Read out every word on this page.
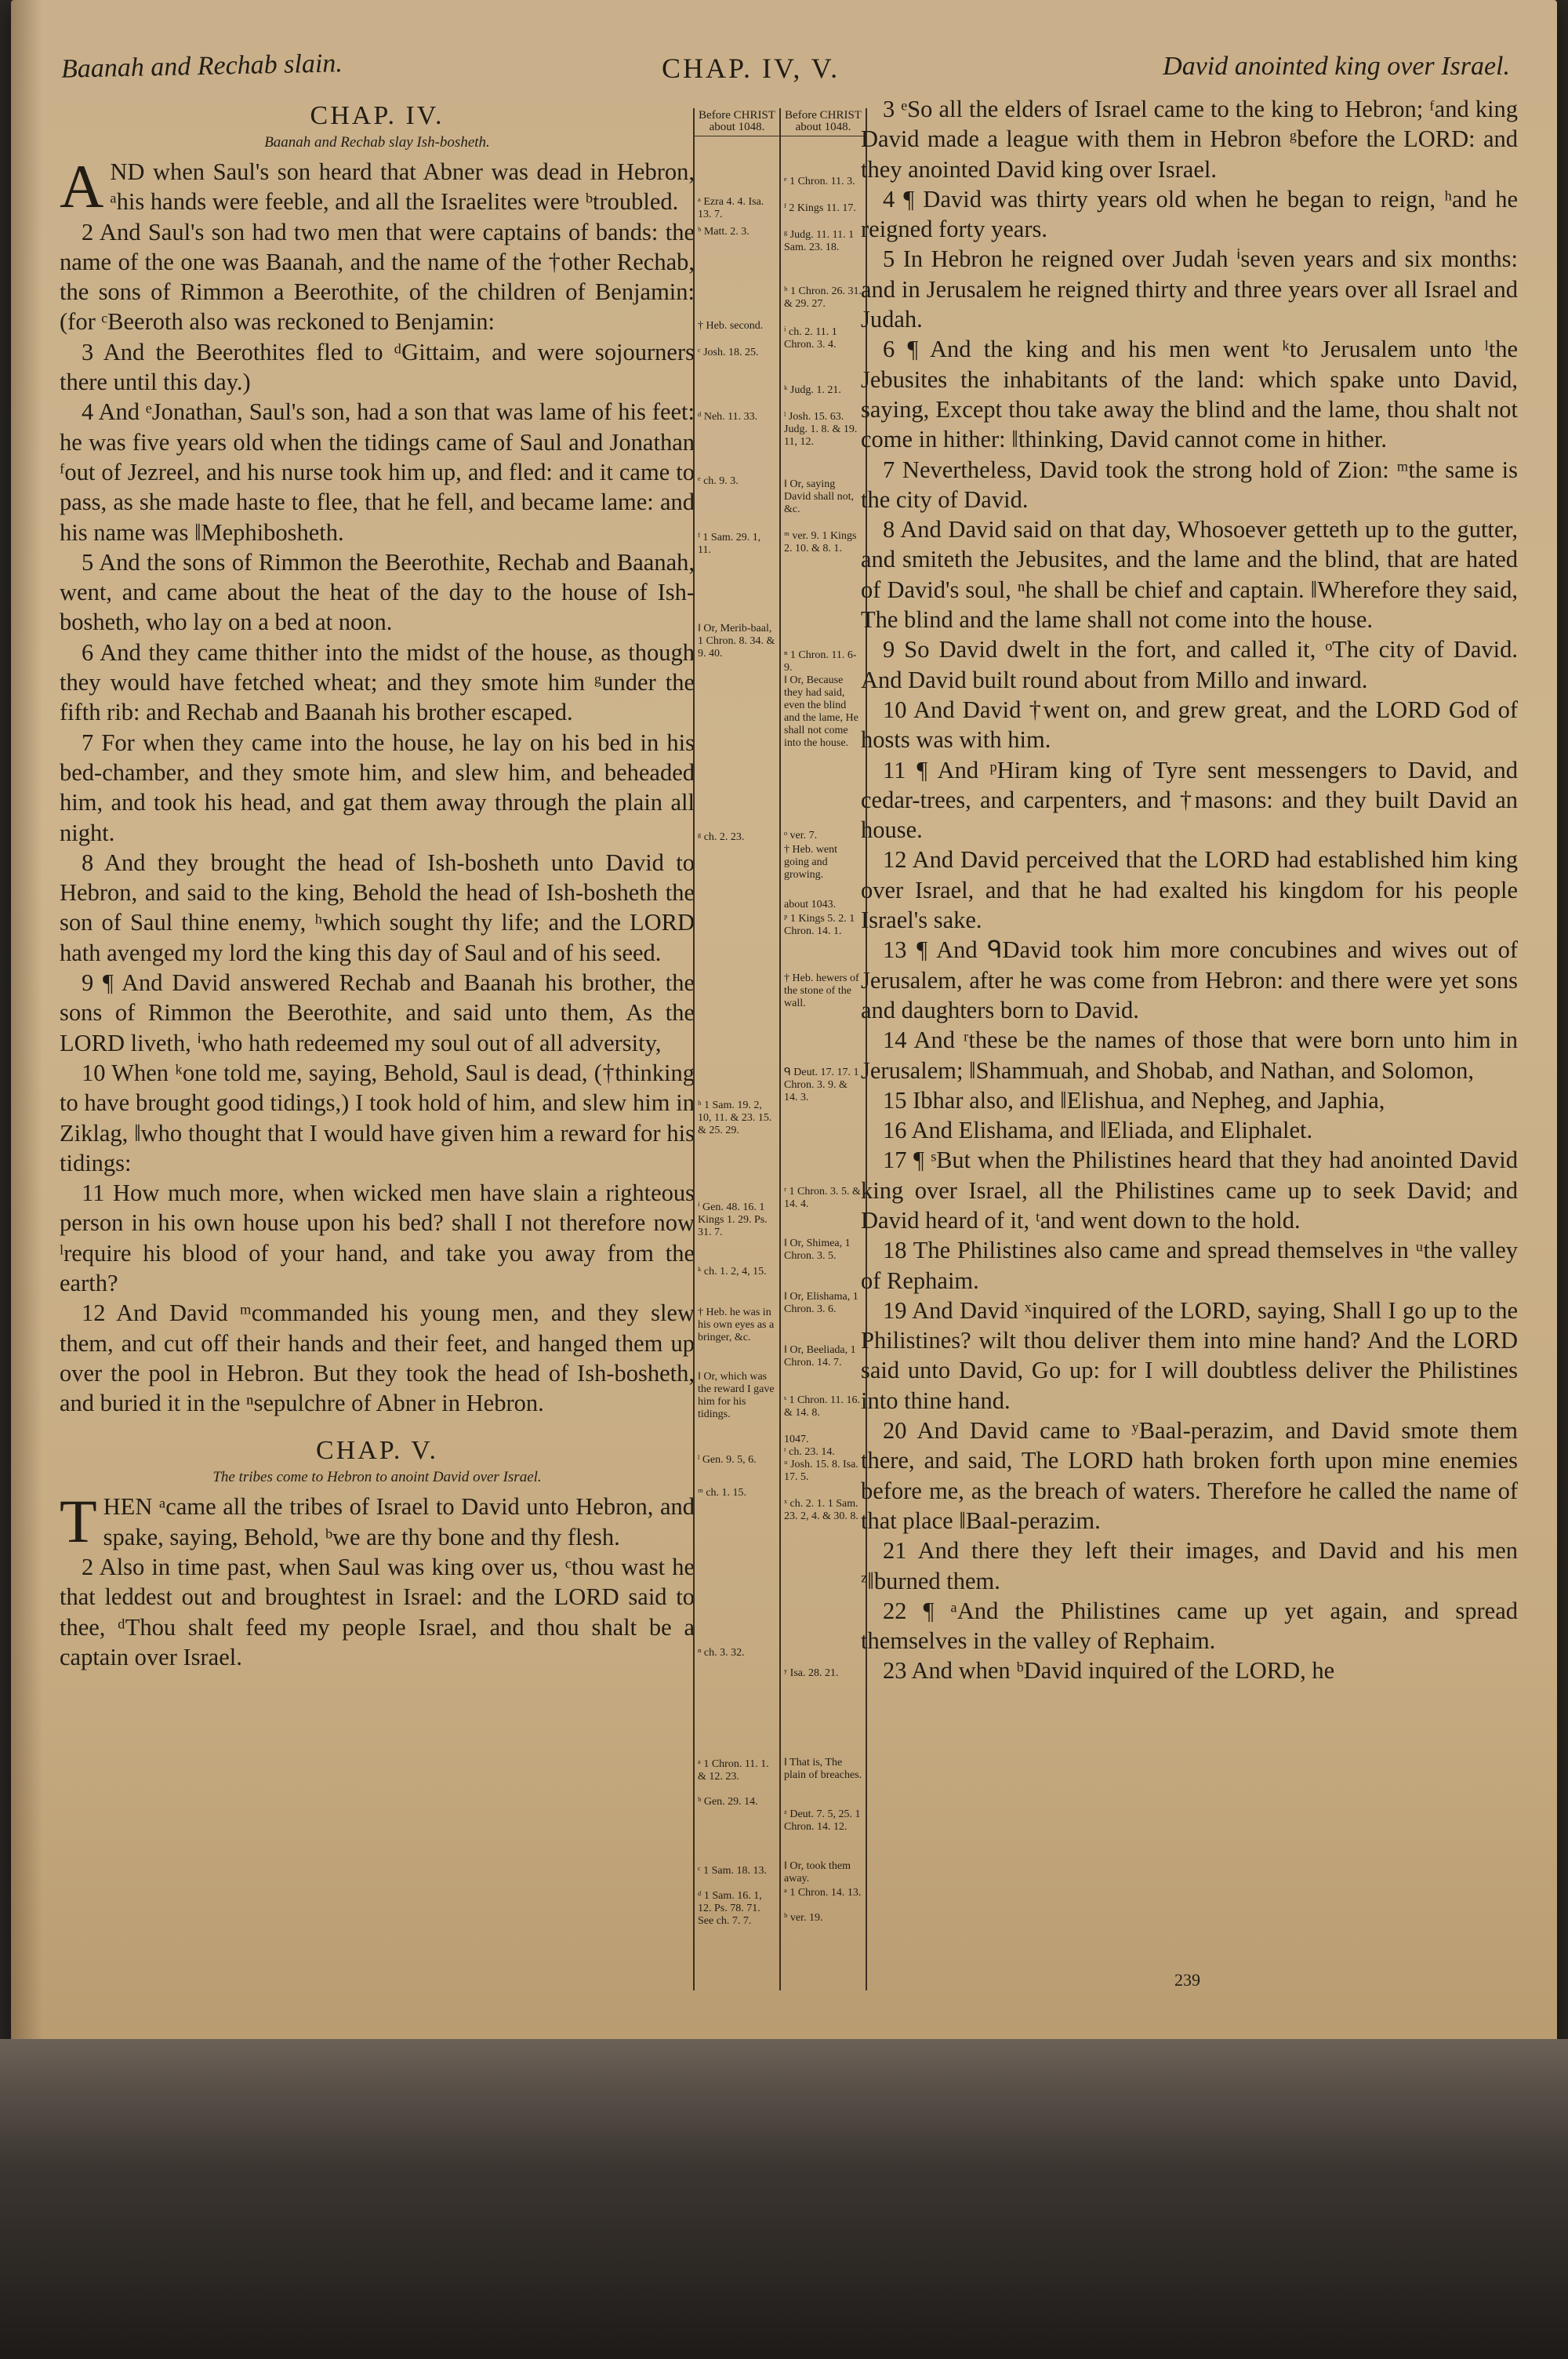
Baanah and Rechab slain.	CHAP. IV, V.	David anointed king over Israel.
CHAP. IV.
Baanah and Rechab slay Ish-bosheth.

AND when Saul's son heard that Abner was dead in Hebron, ᵃhis hands were feeble, and all the Israelites were ᵇtroubled.

2 And Saul's son had two men that were captains of bands: the name of the one was Baanah, and the name of the †other Rechab, the sons of Rimmon a Beerothite, of the children of Benjamin: (for ᶜBeeroth also was reckoned to Benjamin:

3 And the Beerothites fled to ᵈGittaim, and were sojourners there until this day.)

4 And ᵉJonathan, Saul's son, had a son that was lame of his feet: he was five years old when the tidings came of Saul and Jonathan ᶠout of Jezreel, and his nurse took him up, and fled: and it came to pass, as she made haste to flee, that he fell, and became lame: and his name was ‖Mephibosheth.

5 And the sons of Rimmon the Beerothite, Rechab and Baanah, went, and came about the heat of the day to the house of Ish-bosheth, who lay on a bed at noon.

6 And they came thither into the midst of the house, as though they would have fetched wheat; and they smote him ᵍunder the fifth rib: and Rechab and Baanah his brother escaped.

7 For when they came into the house, he lay on his bed in his bed-chamber, and they smote him, and slew him, and beheaded him, and took his head, and gat them away through the plain all night.

8 And they brought the head of Ish-bosheth unto David to Hebron, and said to the king, Behold the head of Ish-bosheth the son of Saul thine enemy, ʰwhich sought thy life; and the LORD hath avenged my lord the king this day of Saul and of his seed.

9 ¶ And David answered Rechab and Baanah his brother, the sons of Rimmon the Beerothite, and said unto them, As the LORD liveth, ⁱwho hath redeemed my soul out of all adversity,

10 When ᵏone told me, saying, Behold, Saul is dead, (†thinking to have brought good tidings,) I took hold of him, and slew him in Ziklag, ‖who thought that I would have given him a reward for his tidings:

11 How much more, when wicked men have slain a righteous person in his own house upon his bed? shall I not therefore now ˡrequire his blood of your hand, and take you away from the earth?

12 And David ᵐcommanded his young men, and they slew them, and cut off their hands and their feet, and hanged them up over the pool in Hebron. But they took the head of Ish-bosheth, and buried it in the ⁿsepulchre of Abner in Hebron.

CHAP. V.
The tribes come to Hebron to anoint David over Israel.

THEN ᵃcame all the tribes of Israel to David unto Hebron, and spake, saying, Behold, ᵇwe are thy bone and thy flesh.

2 Also in time past, when Saul was king over us, ᶜthou wast he that leddest out and broughtest in Israel: and the LORD said to thee, ᵈThou shalt feed my people Israel, and thou shalt be a captain over Israel.

Before CHRIST about 1048.
ᵃ Ezra 4. 4. Isa. 13. 7.
ᵇ Matt. 2. 3.
† Heb. second.
ᶜ Josh. 18. 25.
ᵈ Neh. 11. 33.
ᵉ ch. 9. 3.
ᶠ 1 Sam. 29. 1, 11.
‖ Or, Merib-baal, 1 Chron. 8. 34. & 9. 40.
ᵍ ch. 2. 23.
ʰ 1 Sam. 19. 2, 10, 11. & 23. 15. & 25. 29.
ⁱ Gen. 48. 16. 1 Kings 1. 29. Ps. 31. 7.
ᵏ ch. 1. 2, 4, 15.
† Heb. he was in his own eyes as a bringer, &c.
‖ Or, which was the reward I gave him for his tidings.
ˡ Gen. 9. 5, 6.
ᵐ ch. 1. 15.
ⁿ ch. 3. 32.
ᵃ 1 Chron. 11. 1. & 12. 23.
ᵇ Gen. 29. 14.
ᶜ 1 Sam. 18. 13.
ᵈ 1 Sam. 16. 1, 12. Ps. 78. 71. See ch. 7. 7.
Before CHRIST about 1048.
ᵉ 1 Chron. 11. 3.
ᶠ 2 Kings 11. 17.
ᵍ Judg. 11. 11. 1 Sam. 23. 18.
ʰ 1 Chron. 26. 31. & 29. 27.
ⁱ ch. 2. 11. 1 Chron. 3. 4.
ᵏ Judg. 1. 21.
ˡ Josh. 15. 63. Judg. 1. 8. & 19. 11, 12.
‖ Or, saying David shall not, &c.
ᵐ ver. 9. 1 Kings 2. 10. & 8. 1.
ⁿ 1 Chron. 11. 6-9.
‖ Or, Because they had said, even the blind and the lame, He shall not come into the house.
ᵒ ver. 7.
† Heb. went going and growing.
about 1043.
ᵖ 1 Kings 5. 2. 1 Chron. 14. 1.
† Heb. hewers of the stone of the wall.
ᑫ Deut. 17. 17. 1 Chron. 3. 9. & 14. 3.
ʳ 1 Chron. 3. 5. & 14. 4.
‖ Or, Shimea, 1 Chron. 3. 5.
‖ Or, Elishama, 1 Chron. 3. 6.
‖ Or, Beeliada, 1 Chron. 14. 7.
ˢ 1 Chron. 11. 16. & 14. 8.
1047.
ᵗ ch. 23. 14.
ᵘ Josh. 15. 8. Isa. 17. 5.
ˣ ch. 2. 1. 1 Sam. 23. 2, 4. & 30. 8.
ʸ Isa. 28. 21.
‖ That is, The plain of breaches.
ᶻ Deut. 7. 5, 25. 1 Chron. 14. 12.
‖ Or, took them away.
ᵃ 1 Chron. 14. 13.
ᵇ ver. 19.

3 ᵉSo all the elders of Israel came to the king to Hebron; ᶠand king David made a league with them in Hebron ᵍbefore the LORD: and they anointed David king over Israel.

4 ¶ David was thirty years old when he began to reign, ʰand he reigned forty years.

5 In Hebron he reigned over Judah ⁱseven years and six months: and in Jerusalem he reigned thirty and three years over all Israel and Judah.

6 ¶ And the king and his men went ᵏto Jerusalem unto ˡthe Jebusites the inhabitants of the land: which spake unto David, saying, Except thou take away the blind and the lame, thou shalt not come in hither: ‖thinking, David cannot come in hither.

7 Nevertheless, David took the strong hold of Zion: ᵐthe same is the city of David.

8 And David said on that day, Whosoever getteth up to the gutter, and smiteth the Jebusites, and the lame and the blind, that are hated of David's soul, ⁿhe shall be chief and captain. ‖Wherefore they said, The blind and the lame shall not come into the house.

9 So David dwelt in the fort, and called it, ᵒThe city of David. And David built round about from Millo and inward.

10 And David †went on, and grew great, and the LORD God of hosts was with him.

11 ¶ And ᵖHiram king of Tyre sent messengers to David, and cedar-trees, and carpenters, and †masons: and they built David an house.

12 And David perceived that the LORD had established him king over Israel, and that he had exalted his kingdom for his people Israel's sake.

13 ¶ And ᑫDavid took him more concubines and wives out of Jerusalem, after he was come from Hebron: and there were yet sons and daughters born to David.

14 And ʳthese be the names of those that were born unto him in Jerusalem; ‖Shammuah, and Shobab, and Nathan, and Solomon,

15 Ibhar also, and ‖Elishua, and Nepheg, and Japhia,

16 And Elishama, and ‖Eliada, and Eliphalet.

17 ¶ ˢBut when the Philistines heard that they had anointed David king over Israel, all the Philistines came up to seek David; and David heard of it, ᵗand went down to the hold.

18 The Philistines also came and spread themselves in ᵘthe valley of Rephaim.

19 And David ˣinquired of the LORD, saying, Shall I go up to the Philistines? wilt thou deliver them into mine hand? And the LORD said unto David, Go up: for I will doubtless deliver the Philistines into thine hand.

20 And David came to ʸBaal-perazim, and David smote them there, and said, The LORD hath broken forth upon mine enemies before me, as the breach of waters. Therefore he called the name of that place ‖Baal-perazim.

21 And there they left their images, and David and his men ᶻ‖burned them.

22 ¶ ᵃAnd the Philistines came up yet again, and spread themselves in the valley of Rephaim.

23 And when ᵇDavid inquired of the LORD, he

239
